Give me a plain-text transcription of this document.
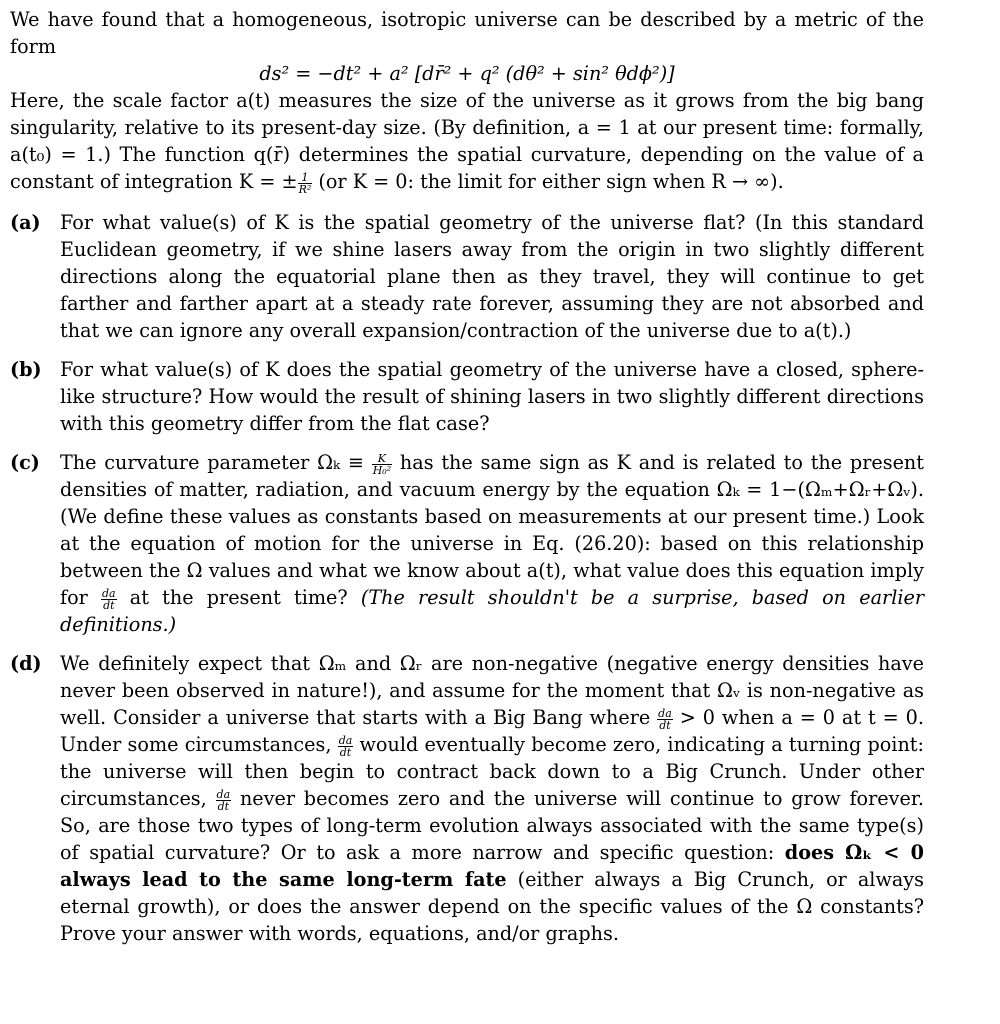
We have found that a homogeneous, isotropic universe can be described by a metric of the form

ds² = −dt² + a² [dr̄² + q² (dθ² + sin² θdϕ²)]

Here, the scale factor a(t) measures the size of the universe as it grows from the big bang singularity, relative to its present-day size. (By definition, a = 1 at our present time: formally, a(t₀) = 1.) The function q(r̄) determines the spatial curvature, depending on the value of a constant of integration K = ± $\frac{1}{\text{R²}} (or$ K = 0: the limit for either sign when R → ∞).

(a)	For what value(s) of K is the spatial geometry of the universe flat? (In this standard Euclidean geometry, if we shine lasers away from the origin in two slightly different directions along the equatorial plane then as they travel, they will continue to get farther and farther apart at a steady rate forever, assuming they are not absorbed and that we can ignore any overall expansion/contraction of the universe due to a(t).)
(b) For what value(s) of K does the spatial geometry of the universe have a closed, sphere-like structure? How would the result of shining lasers in two slightly different directions with this geometry differ from the flat case?
(c)	The curvature parameter $\Omega_k \equiv \frac{K}{\text{H₀²}}$ has the same sign as K and is related to the present densities of matter, radiation, and vacuum energy by the equation Ωₖ = 1−(Ωₘ+Ωᵣ+Ωᵥ). (We define these values as constants based on measurements at our present time.) Look at the equation of motion for the universe in Eq. (26.20): based on this relationship between the Ω values and what we know about a(t), what value does this equation imply for $\frac{da}{dt}$ at the present time? (The result shouldn't be a surprise, based on earlier definitions.)
(d) We definitely expect that Ωₘ and Ωᵣ are non-negative (negative energy densities have never been observed in nature!), and assume for the moment that Ωᵥ is non-negative as well. Consider a universe that starts with a Big Bang where $\frac{da}{dt} > 0$ when a = 0 at t = 0. Under some circumstances, $\frac{da}{dt}$ would eventually become zero, indicating a turning point: the universe will then begin to contract back down to a Big Crunch. Under other circumstances, $\frac{da}{dt}$ never becomes zero and the universe will continue to grow forever. So, are those two types of long-term evolution always associated with the same type(s) of spatial curvature? Or to ask a more narrow and specific question: does Ωₖ < 0 always lead to the same long-term fate (either always a Big Crunch, or always eternal growth), or does the answer depend on the specific values of the Ω constants? Prove your answer with words, equations, and/or graphs.
